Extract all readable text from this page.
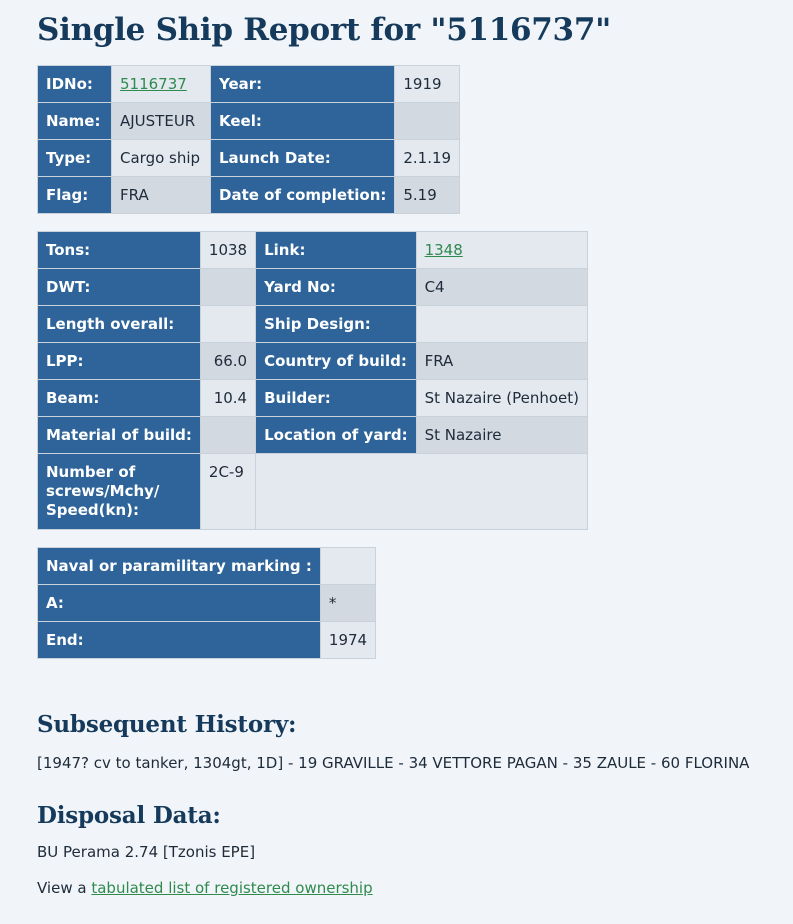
Single Ship Report for "5116737"
IDNo:	5116737	Year:	1919
Name:	AJUSTEUR	Keel:	
Type:	Cargo ship	Launch Date:	2.1.19
Flag:	FRA	Date of completion:	5.19
Tons:	1038	Link:	1348
DWT:		Yard No:	C4
Length overall:		Ship Design:	
LPP:	66.0	Country of build:	FRA
Beam:	10.4	Builder:	St Nazaire (Penhoet)
Material of build:		Location of yard:	St Nazaire

Number of
screws/Mchy/
Speed(kn):	2C-9		
Naval or paramilitary marking :	
A:	*
End:	1974
Subsequent History:

[1947? cv to tanker, 1304gt, 1D] - 19 GRAVILLE - 34 VETTORE PAGAN - 35 ZAULE - 60 FLORINA

Disposal Data:

BU Perama 2.74 [Tzonis EPE]

View a tabulated list of registered ownership
